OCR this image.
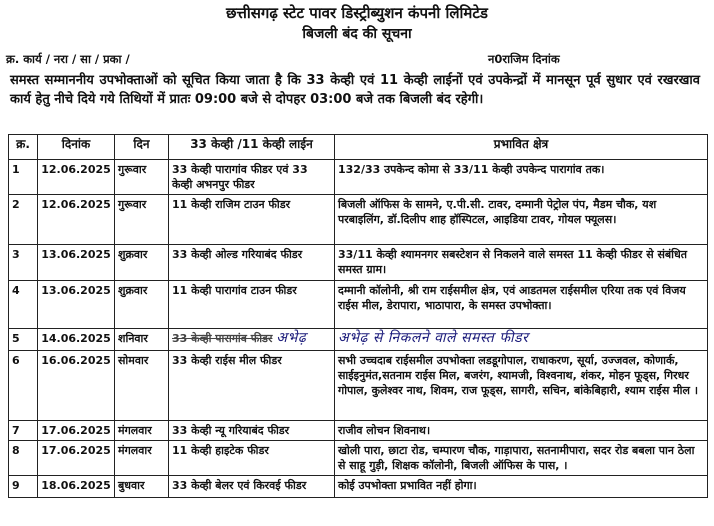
छत्तीसगढ़ स्टेट पावर डिस्ट्रीब्युशन कंपनी लिमिटेड
बिजली बंद की सूचना
क्र. कार्य / नरा / सा / प्रका /	न0राजिम दिनांक
समस्त सम्माननीय उपभोक्ताओं को सूचित किया जाता है कि 33 केव्ही एवं 11 केव्ही लाईनों एवं उपकेन्द्रों में मानसून पूर्व सुधार एवं रखरखाव कार्य हेतु नीचे दिये गये तिथियों में प्रातः 09:00 बजे से दोपहर 03:00 बजे तक बिजली बंद रहेगी।
क्र.	दिनांक	दिन	33 केव्ही /11 केव्ही लाईन	प्रभावित क्षेत्र
1	12.06.2025	गुरूवार	33 केव्ही पारागांव फीडर एवं 33 केव्ही अभनपुर फीडर	132/33 उपकेन्द कोमा से 33/11 केव्ही उपकेन्द पारागांव तक।
2	12.06.2025	गुरूवार	11 केव्ही राजिम टाउन फीडर	बिजली ऑफिस के सामने, ए.पी.सी. टावर, दम्मानी पेट्रोल पंप, मैडम चौक, यश परबाइलिंग, डॉ.दिलीप शाह हॉस्पिटल, आइडिया टावर, गोयल फ्यूलस।
3	13.06.2025	शुक्रवार	33 केव्ही ओल्ड गरियाबंद फीडर	33/11 केव्ही श्यामनगर सबस्टेशन से निकलने वाले समस्त 11 केव्ही फीडर से संबंधित समस्त ग्राम।
4	13.06.2025	शुक्रवार	11 केव्ही पारागांव टाउन फीडर	दम्मानी कॉलोनी, श्री राम राईसमील क्षेत्र, एवं आडतमल राईसमील एरिया तक एवं विजय राईस मील, डेरापारा, भाठापारा, के समस्त उपभोक्ता।
5	14.06.2025	शनिवार	33 केव्ही पारागांव फीडर अभेढ़	अभेढ़ से निकलने वाले समस्त फीडर
6	16.06.2025	सोमवार	33 केव्ही राईस मील फीडर	सभी उच्चदाब राईसमील उपभोक्ता लडडूगोपाल, राधाकरण, सूर्या, उज्जवल, कोणार्क, साईइनुमंत,सतनाम राईस मिल, बजरंग, श्यामजी, विश्वनाथ, शंकर, मोहन फूड्स, गिरधर गोपाल, कुलेश्वर नाथ, शिवम, राज फूड्स, सागरी, सचिन, बांकेबिहारी, श्याम राईस मील ।
7	17.06.2025	मंगलवार	33 केव्ही न्यू गरियाबंद फीडर	राजीव लोचन शिवनाथ।
8	17.06.2025	मंगलवार	11 केव्ही हाइटेक फीडर	खोली पारा, छाटा रोड, चम्पारण चौक, गाड़ापारा, सतनामीपारा, सदर रोड बबला पान ठेला से साहू गुड़ी, शिक्षक कॉलोनी, बिजली ऑफिस के पास, ।
9	18.06.2025	बुधवार	33 केव्ही बेलर एवं किरवई फीडर	कोई उपभोक्ता प्रभावित नहीं होगा।
